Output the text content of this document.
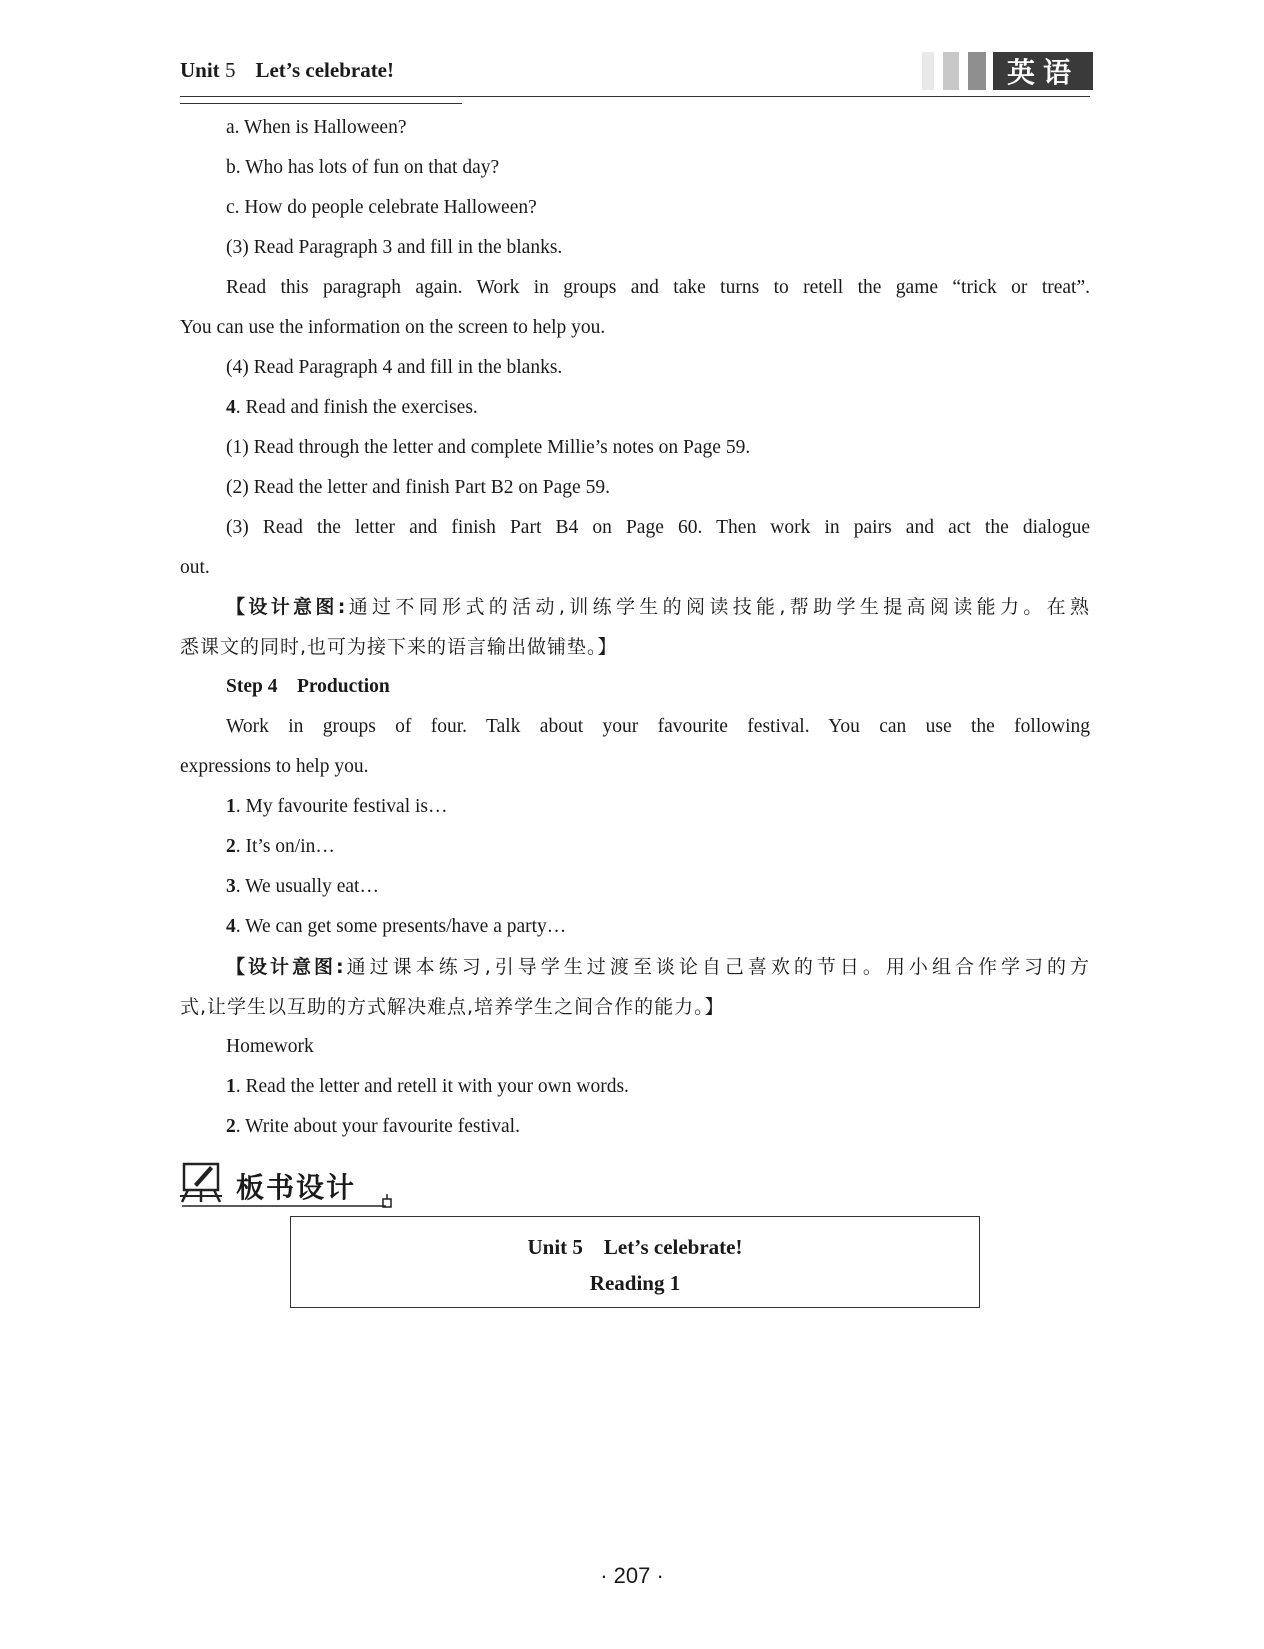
Unit 5 Let’s celebrate!	英语
a. When is Halloween?
b. Who has lots of fun on that day?
c. How do people celebrate Halloween?
(3) Read Paragraph 3 and fill in the blanks.
Read this paragraph again. Work in groups and take turns to retell the game “trick or treat”.
You can use the information on the screen to help you.
(4) Read Paragraph 4 and fill in the blanks.
4. Read and finish the exercises.
(1) Read through the letter and complete Millie’s notes on Page 59.
(2) Read the letter and finish Part B2 on Page 59.
(3) Read the letter and finish Part B4 on Page 60. Then work in pairs and act the dialogue
out.
【设计意图:通过不同形式的活动,训练学生的阅读技能,帮助学生提高阅读能力。在熟
悉课文的同时,也可为接下来的语言输出做铺垫。】
Step 4　Production
Work in groups of four. Talk about your favourite festival. You can use the following
expressions to help you.
1. My favourite festival is…
2. It’s on/in…
3. We usually eat…
4. We can get some presents/have a party…
【设计意图:通过课本练习,引导学生过渡至谈论自己喜欢的节日。用小组合作学习的方
式,让学生以互助的方式解决难点,培养学生之间合作的能力。】
Homework
1. Read the letter and retell it with your own words.
2. Write about your favourite festival.
板书设计
Unit 5　Let’s celebrate!
Reading 1
· 207 ·
